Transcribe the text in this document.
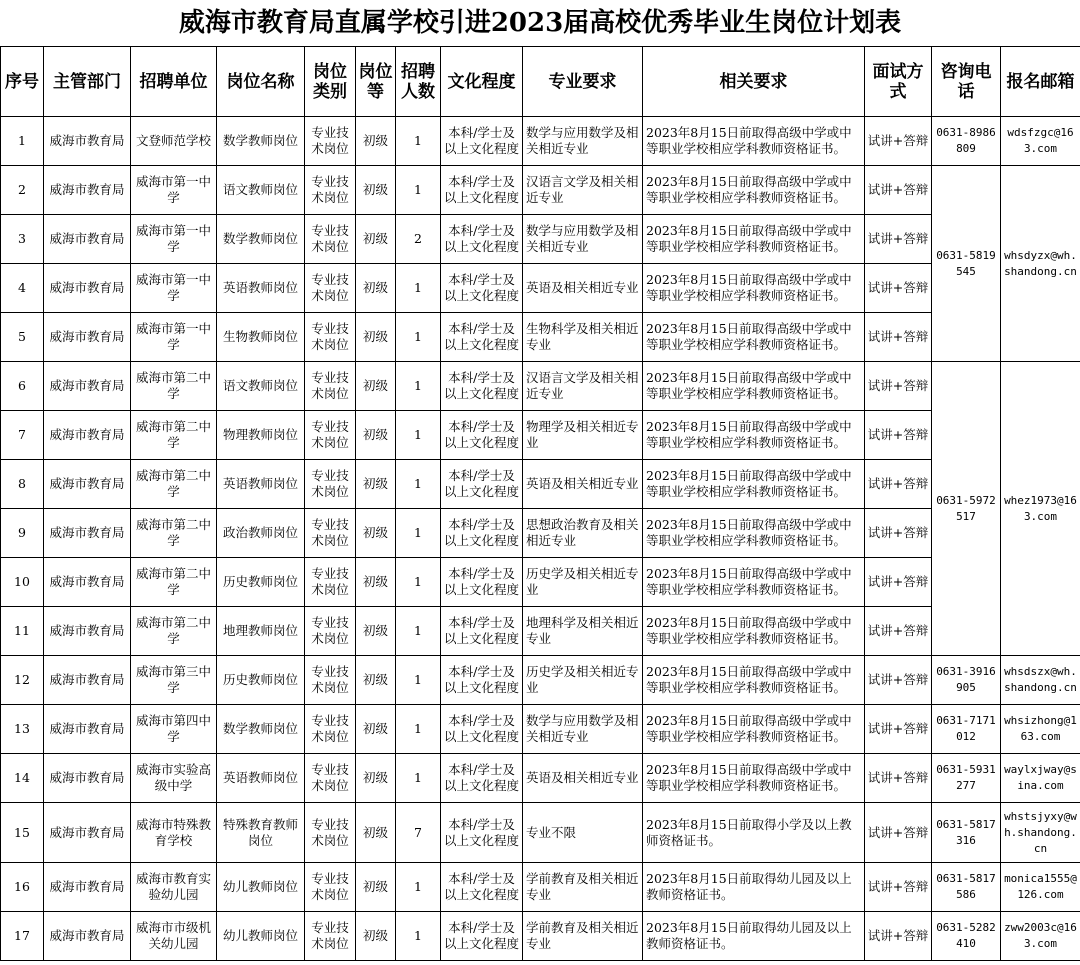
威海市教育局直属学校引进2023届高校优秀毕业生岗位计划表
序号	主管部门	招聘单位	岗位名称	岗位类别	岗位等	招聘人数	文化程度	专业要求	相关要求	面试方式	咨询电话	报名邮箱
1	威海市教育局	文登师范学校	数学教师岗位	专业技术岗位	初级	1	本科/学士及以上文化程度	数学与应用数学及相关相近专业	2023年8月15日前取得高级中学或中等职业学校相应学科教师资格证书。	试讲+答辩	0631-8986809	wdsfzgc@163.com
2	威海市教育局	威海市第一中学	语文教师岗位	专业技术岗位	初级	1	本科/学士及以上文化程度	汉语言文学及相关相近专业	2023年8月15日前取得高级中学或中等职业学校相应学科教师资格证书。	试讲+答辩	0631-5819545	whsdyzx@wh.shandong.cn
3	威海市教育局	威海市第一中学	数学教师岗位	专业技术岗位	初级	2	本科/学士及以上文化程度	数学与应用数学及相关相近专业	2023年8月15日前取得高级中学或中等职业学校相应学科教师资格证书。	试讲+答辩		
4	威海市教育局	威海市第一中学	英语教师岗位	专业技术岗位	初级	1	本科/学士及以上文化程度	英语及相关相近专业	2023年8月15日前取得高级中学或中等职业学校相应学科教师资格证书。	试讲+答辩		
5	威海市教育局	威海市第一中学	生物教师岗位	专业技术岗位	初级	1	本科/学士及以上文化程度	生物科学及相关相近专业	2023年8月15日前取得高级中学或中等职业学校相应学科教师资格证书。	试讲+答辩		
6	威海市教育局	威海市第二中学	语文教师岗位	专业技术岗位	初级	1	本科/学士及以上文化程度	汉语言文学及相关相近专业	2023年8月15日前取得高级中学或中等职业学校相应学科教师资格证书。	试讲+答辩	0631-5972517	whez1973@163.com
7	威海市教育局	威海市第二中学	物理教师岗位	专业技术岗位	初级	1	本科/学士及以上文化程度	物理学及相关相近专业	2023年8月15日前取得高级中学或中等职业学校相应学科教师资格证书。	试讲+答辩		
8	威海市教育局	威海市第二中学	英语教师岗位	专业技术岗位	初级	1	本科/学士及以上文化程度	英语及相关相近专业	2023年8月15日前取得高级中学或中等职业学校相应学科教师资格证书。	试讲+答辩		
9	威海市教育局	威海市第二中学	政治教师岗位	专业技术岗位	初级	1	本科/学士及以上文化程度	思想政治教育及相关相近专业	2023年8月15日前取得高级中学或中等职业学校相应学科教师资格证书。	试讲+答辩		
10	威海市教育局	威海市第二中学	历史教师岗位	专业技术岗位	初级	1	本科/学士及以上文化程度	历史学及相关相近专业	2023年8月15日前取得高级中学或中等职业学校相应学科教师资格证书。	试讲+答辩		
11	威海市教育局	威海市第二中学	地理教师岗位	专业技术岗位	初级	1	本科/学士及以上文化程度	地理科学及相关相近专业	2023年8月15日前取得高级中学或中等职业学校相应学科教师资格证书。	试讲+答辩		
12	威海市教育局	威海市第三中学	历史教师岗位	专业技术岗位	初级	1	本科/学士及以上文化程度	历史学及相关相近专业	2023年8月15日前取得高级中学或中等职业学校相应学科教师资格证书。	试讲+答辩	0631-3916905	whsdszx@wh.shandong.cn
13	威海市教育局	威海市第四中学	数学教师岗位	专业技术岗位	初级	1	本科/学士及以上文化程度	数学与应用数学及相关相近专业	2023年8月15日前取得高级中学或中等职业学校相应学科教师资格证书。	试讲+答辩	0631-7171012	whsizhong@163.com
14	威海市教育局	威海市实验高级中学	英语教师岗位	专业技术岗位	初级	1	本科/学士及以上文化程度	英语及相关相近专业	2023年8月15日前取得高级中学或中等职业学校相应学科教师资格证书。	试讲+答辩	0631-5931277	waylxjway@sina.com
15	威海市教育局	威海市特殊教育学校	特殊教育教师岗位	专业技术岗位	初级	7	本科/学士及以上文化程度	专业不限	2023年8月15日前取得小学及以上教师资格证书。	试讲+答辩	0631-5817316	whstsjyxy@wh.shandong.cn
16	威海市教育局	威海市教育实验幼儿园	幼儿教师岗位	专业技术岗位	初级	1	本科/学士及以上文化程度	学前教育及相关相近专业	2023年8月15日前取得幼儿园及以上教师资格证书。	试讲+答辩	0631-5817586	monica1555@126.com
17	威海市教育局	威海市市级机关幼儿园	幼儿教师岗位	专业技术岗位	初级	1	本科/学士及以上文化程度	学前教育及相关相近专业	2023年8月15日前取得幼儿园及以上教师资格证书。	试讲+答辩	0631-5282410	zww2003c@163.com
